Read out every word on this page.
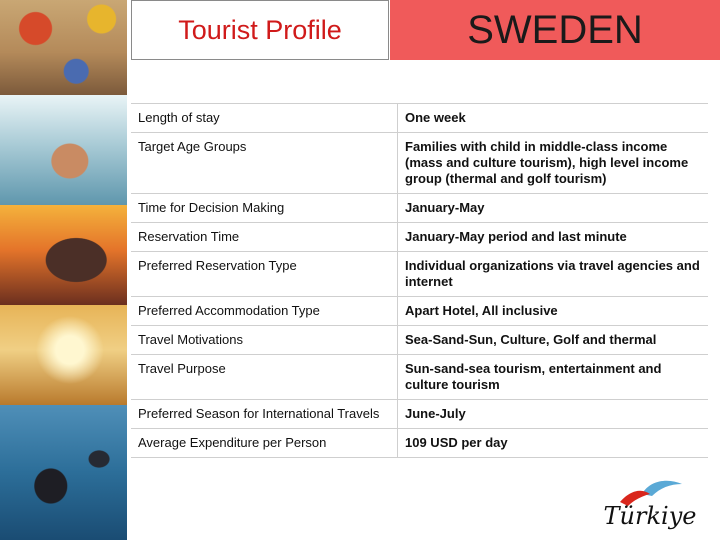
Tourist Profile	SWEDEN
Length of stay	One week
Target Age Groups	Families with child in middle-class income (mass and culture tourism), high level income group (thermal and golf tourism)
Time for Decision Making	January-May
Reservation Time	January-May period and last minute
Preferred Reservation Type	Individual organizations via travel agencies and internet
Preferred Accommodation Type	Apart Hotel, All inclusive
Travel Motivations	Sea-Sand-Sun, Culture, Golf and thermal
Travel Purpose	Sun-sand-sea tourism, entertainment and culture tourism
Preferred Season for International Travels	June-July
Average Expenditure per Person	109 USD per day
Türkiye
